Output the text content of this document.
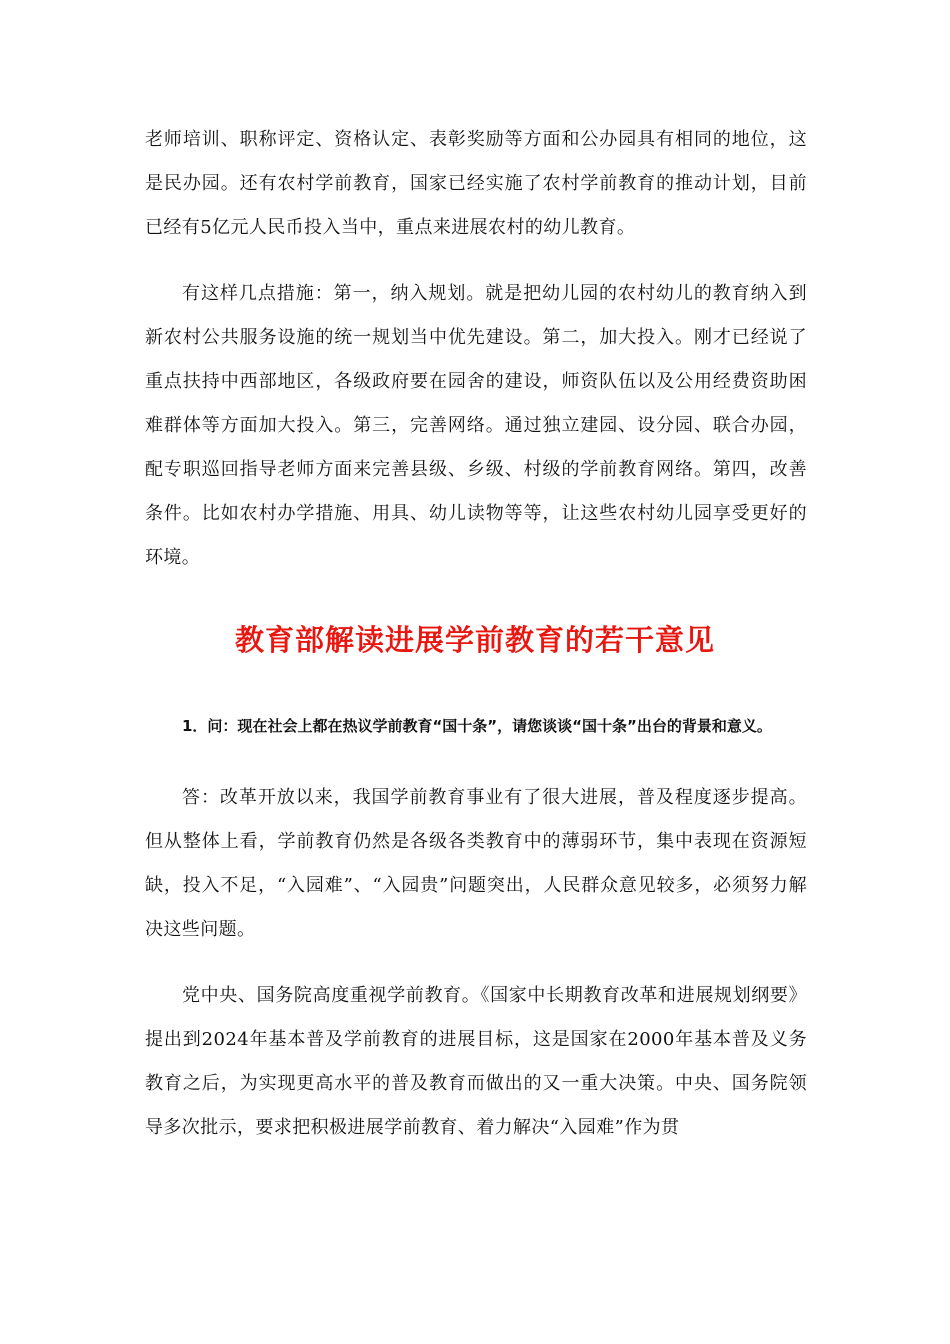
老师培训、职称评定、资格认定、表彰奖励等方面和公办园具有相同的地位，这是民办园。还有农村学前教育，国家已经实施了农村学前教育的推动计划，目前已经有5亿元人民币投入当中，重点来进展农村的幼儿教育。

有这样几点措施：第一，纳入规划。就是把幼儿园的农村幼儿的教育纳入到新农村公共服务设施的统一规划当中优先建设。第二，加大投入。刚才已经说了重点扶持中西部地区，各级政府要在园舍的建设，师资队伍以及公用经费资助困难群体等方面加大投入。第三，完善网络。通过独立建园、设分园、联合办园，配专职巡回指导老师方面来完善县级、乡级、村级的学前教育网络。第四，改善条件。比如农村办学措施、用具、幼儿读物等等，让这些农村幼儿园享受更好的环境。

教育部解读进展学前教育的若干意见

1．问：现在社会上都在热议学前教育“国十条”，请您谈谈“国十条”出台的背景和意义。

答：改革开放以来，我国学前教育事业有了很大进展，普及程度逐步提高。但从整体上看，学前教育仍然是各级各类教育中的薄弱环节，集中表现在资源短缺，投入不足，“入园难”、“入园贵”问题突出，人民群众意见较多，必须努力解决这些问题。

党中央、国务院高度重视学前教育。《国家中长期教育改革和进展规划纲要》提出到2024年基本普及学前教育的进展目标，这是国家在2000年基本普及义务教育之后，为实现更高水平的普及教育而做出的又一重大决策。中央、国务院领导多次批示，要求把积极进展学前教育、着力解决“入园难”作为贯
